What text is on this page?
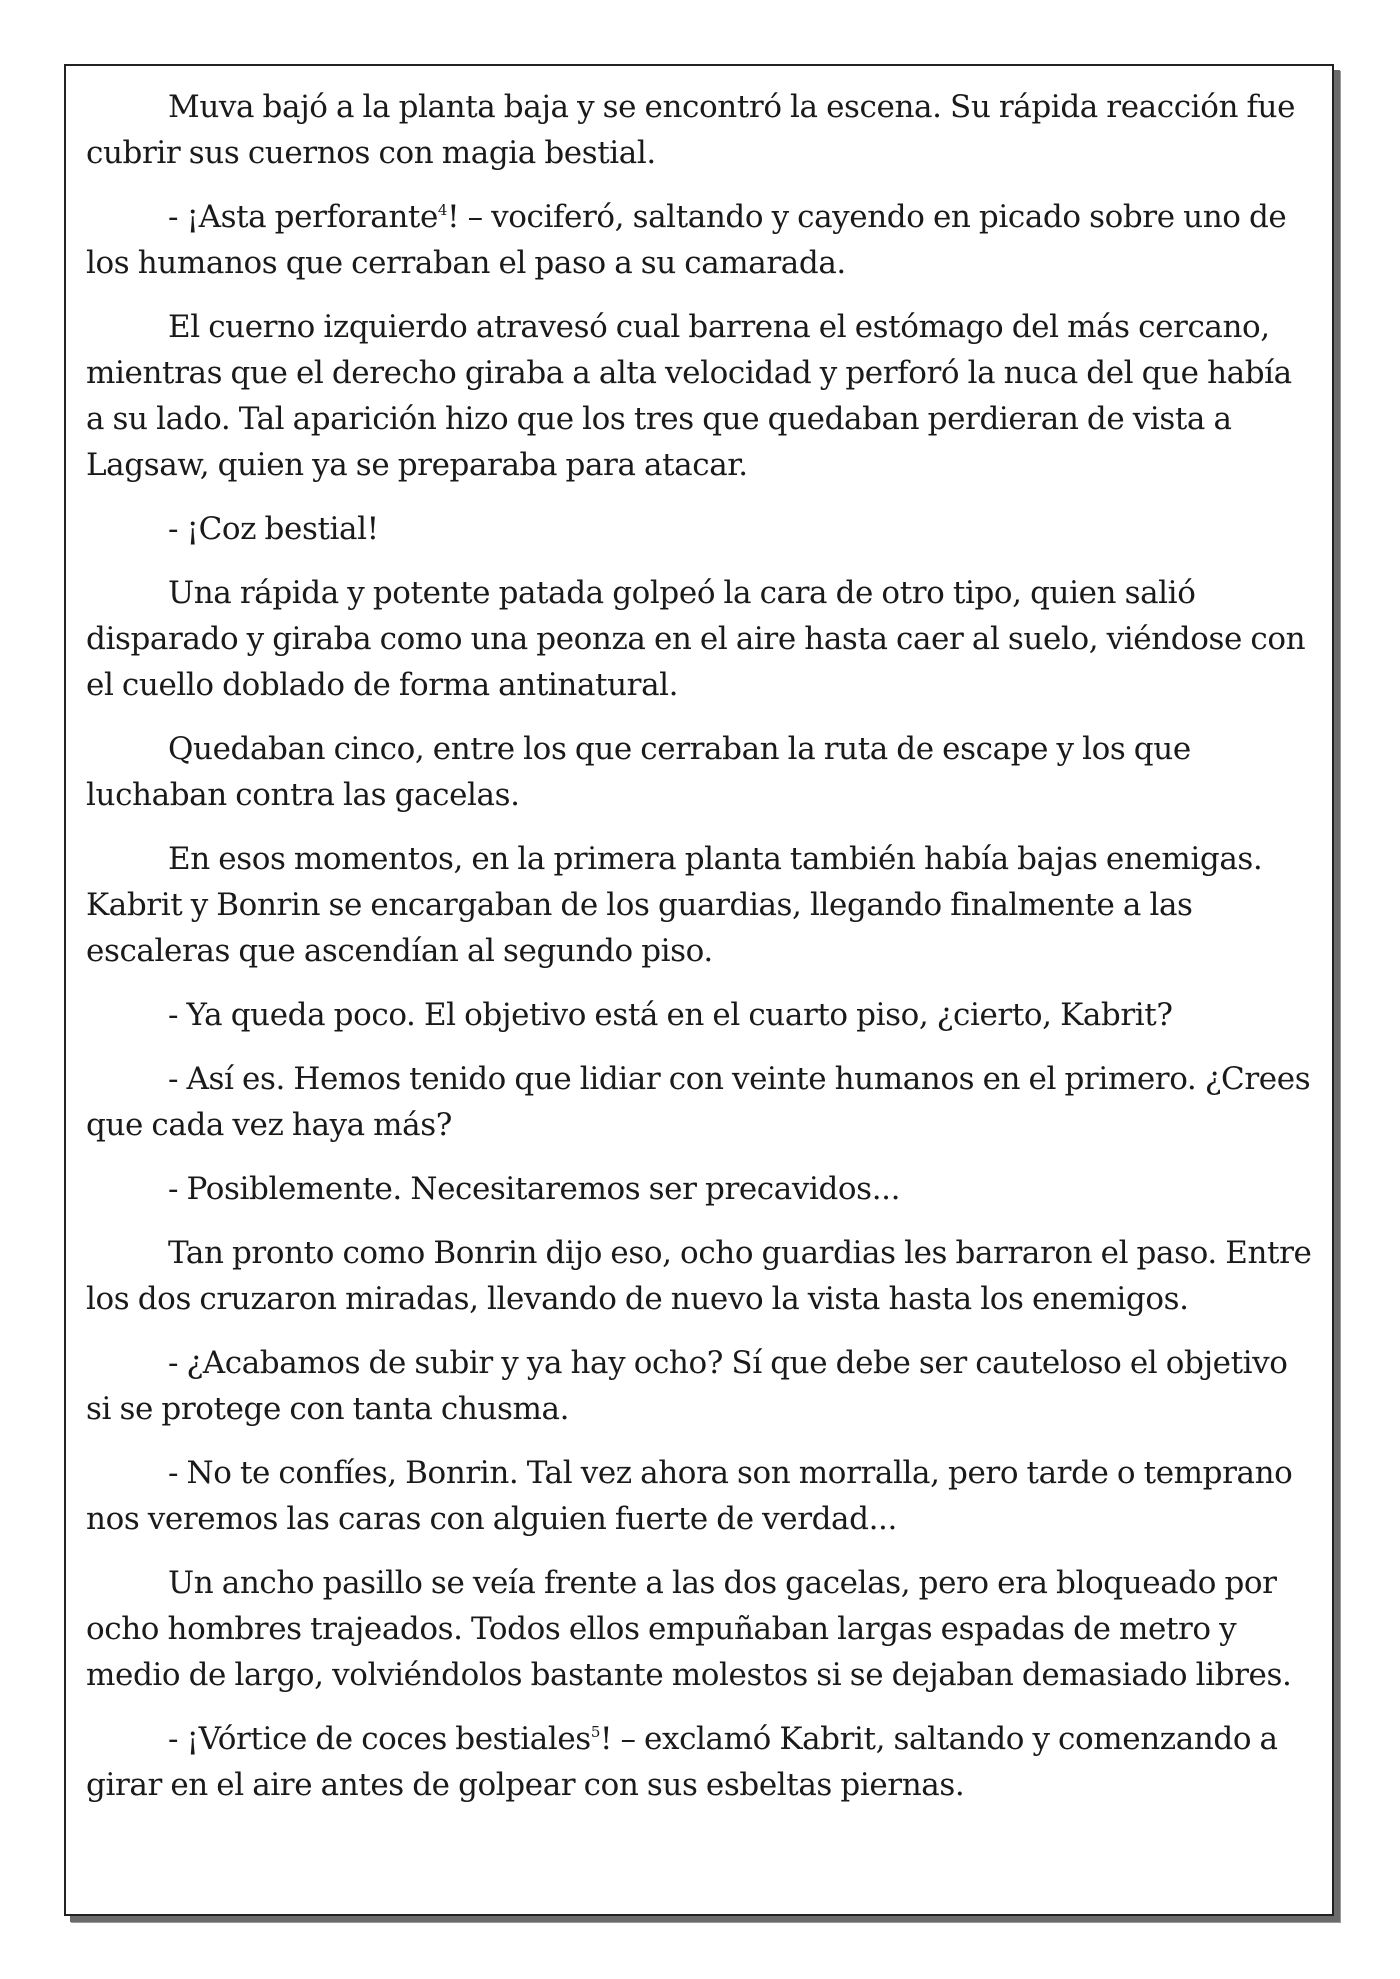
Muva bajó a la planta baja y se encontró la escena. Su rápida reacción fue cubrir sus cuernos con magia bestial.

- ¡Asta perforante$^4$! – vociferó, saltando y cayendo en picado sobre uno de los humanos que cerraban el paso a su camarada.

El cuerno izquierdo atravesó cual barrena el estómago del más cercano, mientras que el derecho giraba a alta velocidad y perforó la nuca del que había a su lado. Tal aparición hizo que los tres que quedaban perdieran de vista a Lagsaw, quien ya se preparaba para atacar.

- ¡Coz bestial!

Una rápida y potente patada golpeó la cara de otro tipo, quien salió disparado y giraba como una peonza en el aire hasta caer al suelo, viéndose con el cuello doblado de forma antinatural.

Quedaban cinco, entre los que cerraban la ruta de escape y los que luchaban contra las gacelas.

En esos momentos, en la primera planta también había bajas enemigas. Kabrit y Bonrin se encargaban de los guardias, llegando finalmente a las escaleras que ascendían al segundo piso.

- Ya queda poco. El objetivo está en el cuarto piso, ¿cierto, Kabrit?

- Así es. Hemos tenido que lidiar con veinte humanos en el primero. ¿Crees que cada vez haya más?

- Posiblemente. Necesitaremos ser precavidos...

Tan pronto como Bonrin dijo eso, ocho guardias les barraron el paso. Entre los dos cruzaron miradas, llevando de nuevo la vista hasta los enemigos.

- ¿Acabamos de subir y ya hay ocho? Sí que debe ser cauteloso el objetivo si se protege con tanta chusma.

- No te confíes, Bonrin. Tal vez ahora son morralla, pero tarde o temprano nos veremos las caras con alguien fuerte de verdad...

Un ancho pasillo se veía frente a las dos gacelas, pero era bloqueado por ocho hombres trajeados. Todos ellos empuñaban largas espadas de metro y medio de largo, volviéndolos bastante molestos si se dejaban demasiado libres.

- ¡Vórtice de coces bestiales$^5$! – exclamó Kabrit, saltando y comenzando a girar en el aire antes de golpear con sus esbeltas piernas.
